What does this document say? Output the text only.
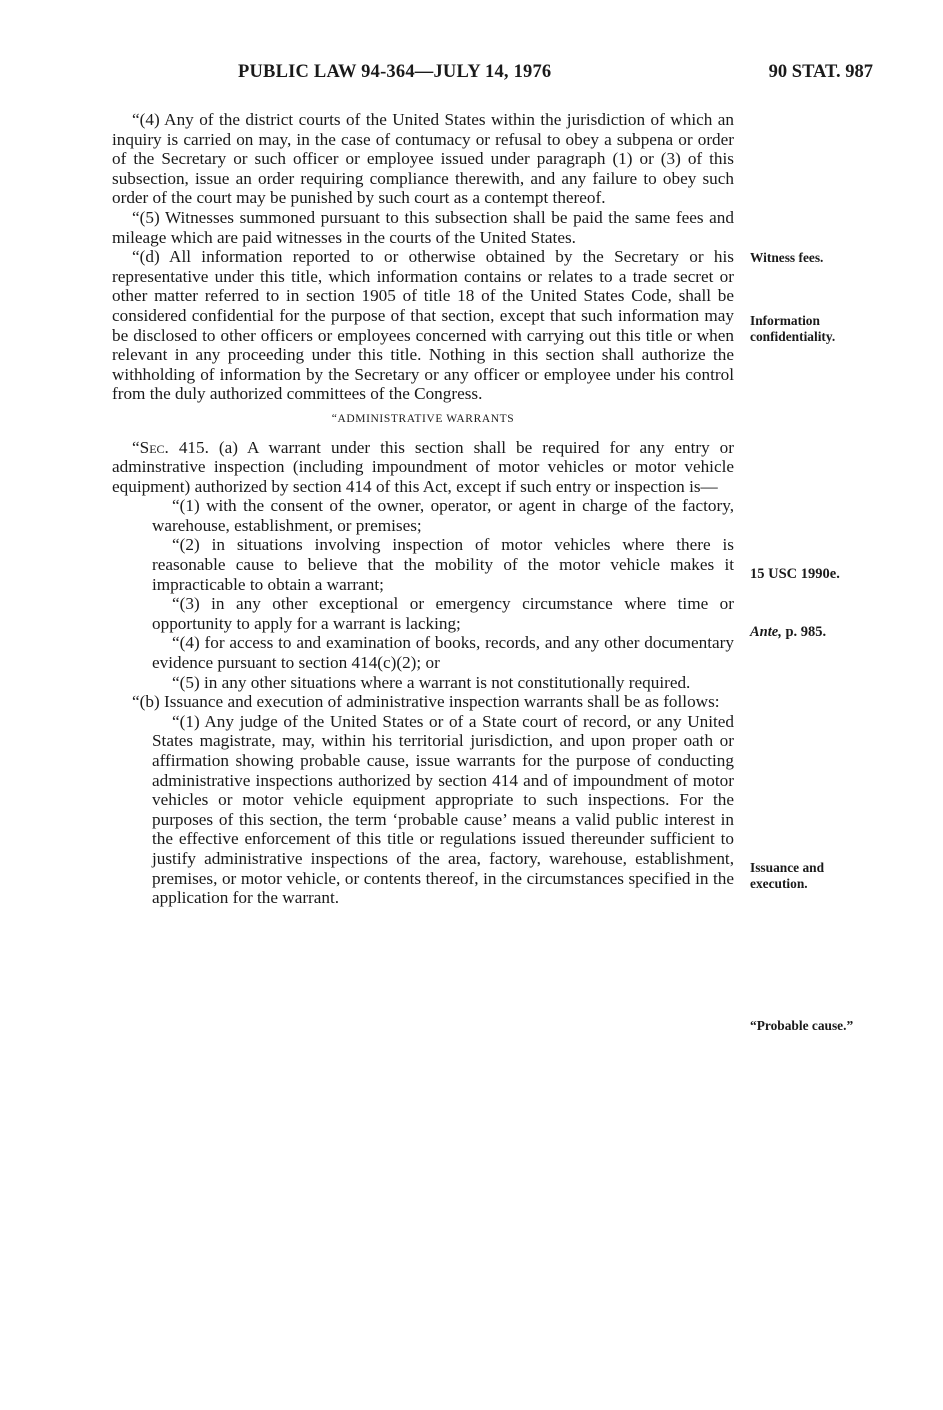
PUBLIC LAW 94-364—JULY 14, 1976	90 STAT. 987

“(4) Any of the district courts of the United States within the jurisdiction of which an inquiry is carried on may, in the case of contumacy or refusal to obey a subpena or order of the Secretary or such officer or employee issued under paragraph (1) or (3) of this subsection, issue an order requiring compliance therewith, and any failure to obey such order of the court may be punished by such court as a contempt thereof.

“(5) Witnesses summoned pursuant to this subsection shall be paid the same fees and mileage which are paid witnesses in the courts of the United States.

“(d) All information reported to or otherwise obtained by the Secretary or his representative under this title, which information contains or relates to a trade secret or other matter referred to in section 1905 of title 18 of the United States Code, shall be considered confidential for the purpose of that section, except that such information may be disclosed to other officers or employees concerned with carrying out this title or when relevant in any proceeding under this title. Nothing in this section shall authorize the withholding of information by the Secretary or any officer or employee under his control from the duly authorized committees of the Congress.

“ADMINISTRATIVE WARRANTS

“Sec. 415. (a) A warrant under this section shall be required for any entry or adminstrative inspection (including impoundment of motor vehicles or motor vehicle equipment) authorized by section 414 of this Act, except if such entry or inspection is—

“(1) with the consent of the owner, operator, or agent in charge of the factory, warehouse, establishment, or premises;

“(2) in situations involving inspection of motor vehicles where there is reasonable cause to believe that the mobility of the motor vehicle makes it impracticable to obtain a warrant;

“(3) in any other exceptional or emergency circumstance where time or opportunity to apply for a warrant is lacking;

“(4) for access to and examination of books, records, and any other documentary evidence pursuant to section 414(c)(2); or

“(5) in any other situations where a warrant is not constitutionally required.

“(b) Issuance and execution of administrative inspection warrants shall be as follows:

“(1) Any judge of the United States or of a State court of record, or any United States magistrate, may, within his territorial jurisdiction, and upon proper oath or affirmation showing probable cause, issue warrants for the purpose of conducting administrative inspections authorized by section 414 and of impoundment of motor vehicles or motor vehicle equipment appropriate to such inspections. For the purposes of this section, the term ‘probable cause’ means a valid public interest in the effective enforcement of this title or regulations issued thereunder sufficient to justify administrative inspections of the area, factory, warehouse, establishment, premises, or motor vehicle, or contents thereof, in the circumstances specified in the application for the warrant.

Witness fees.
Information confidentiality.
15 USC 1990e.
Ante, p. 985.
Issuance and execution.
“Probable cause.”
